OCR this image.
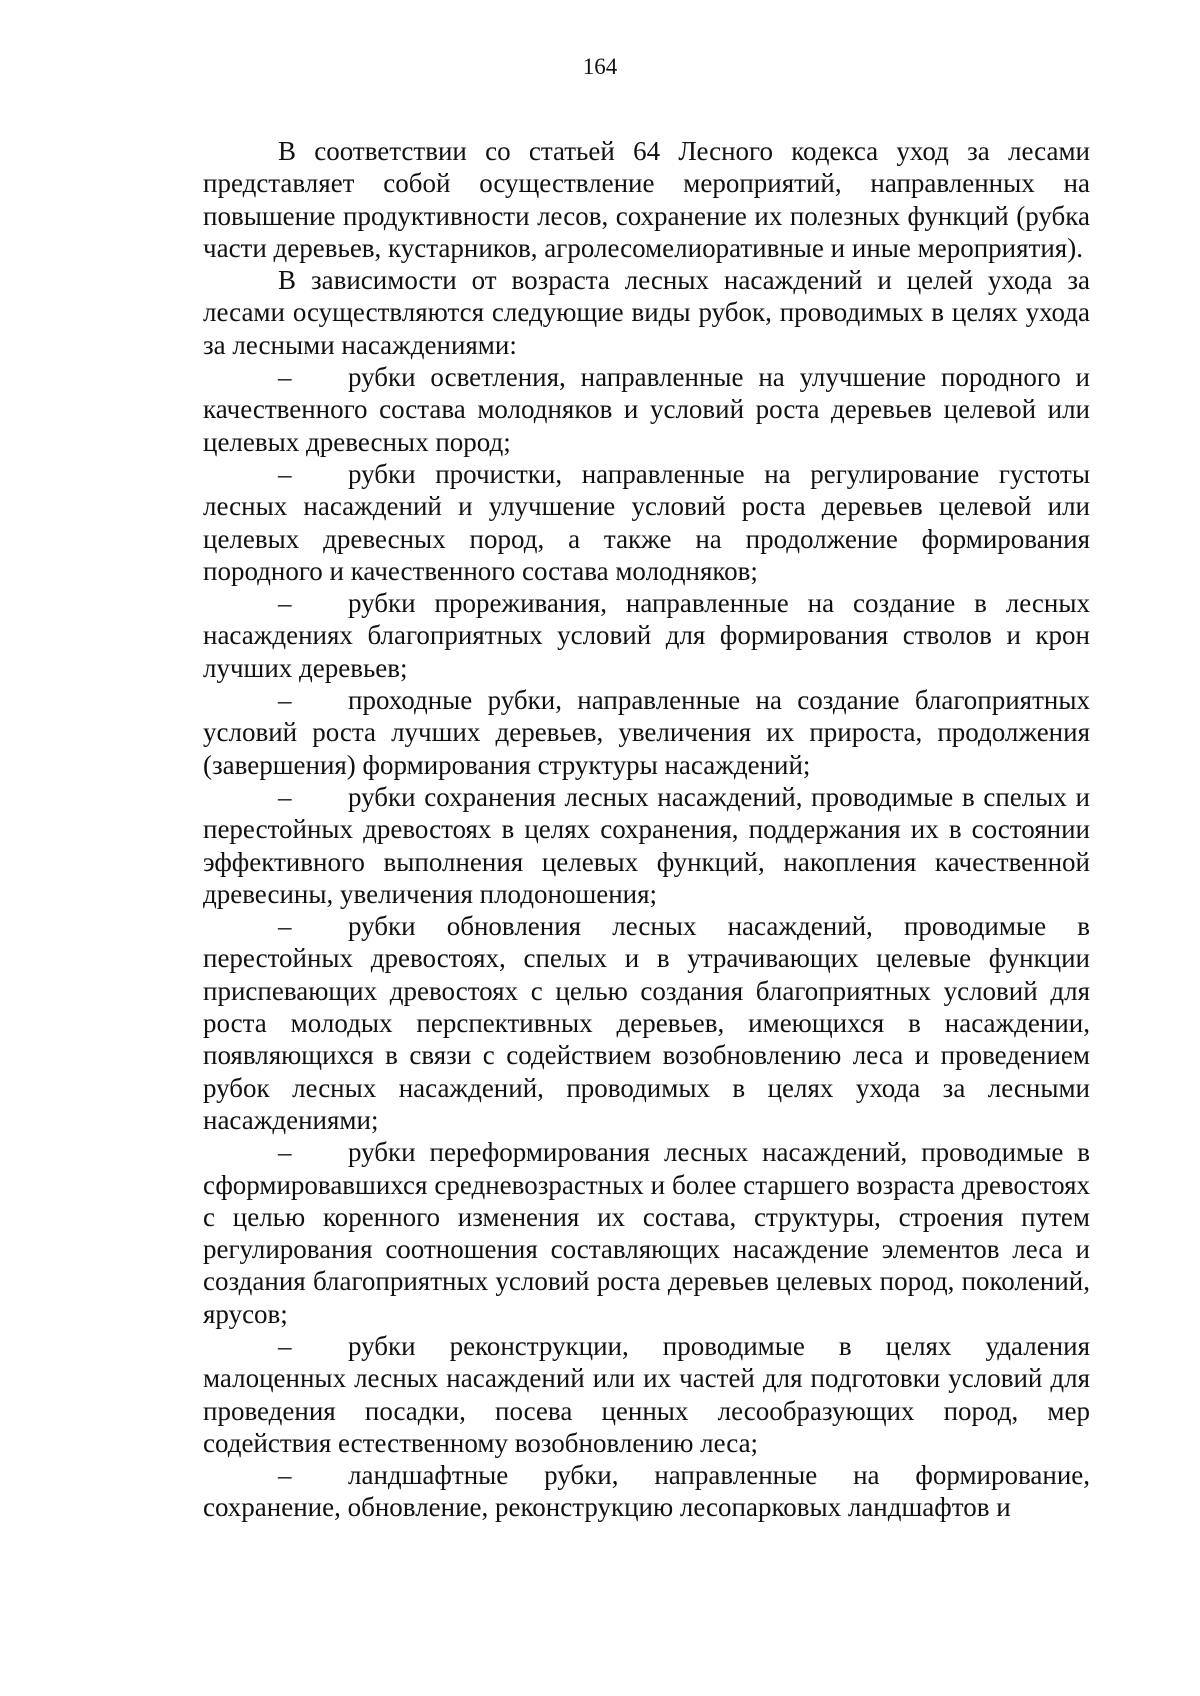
164

В соответствии со статьей 64 Лесного кодекса уход за лесами представляет собой осуществление мероприятий, направленных на повышение продуктивности лесов, сохранение их полезных функций (рубка части деревьев, кустарников, агролесомелиоративные и иные мероприятия).

В зависимости от возраста лесных насаждений и целей ухода за лесами осуществляются следующие виды рубок, проводимых в целях ухода за лесными насаждениями:

– рубки осветления, направленные на улучшение породного и качественного состава молодняков и условий роста деревьев целевой или целевых древесных пород;

– рубки прочистки, направленные на регулирование густоты лесных насаждений и улучшение условий роста деревьев целевой или целевых древесных пород, а также на продолжение формирования породного и качественного состава молодняков;

– рубки прореживания, направленные на создание в лесных насаждениях благоприятных условий для формирования стволов и крон лучших деревьев;

– проходные рубки, направленные на создание благоприятных условий роста лучших деревьев, увеличения их прироста, продолжения (завершения) формирования структуры насаждений;

– рубки сохранения лесных насаждений, проводимые в спелых и перестойных древостоях в целях сохранения, поддержания их в состоянии эффективного выполнения целевых функций, накопления качественной древесины, увеличения плодоношения;

– рубки обновления лесных насаждений, проводимые в перестойных древостоях, спелых и в утрачивающих целевые функции приспевающих древостоях с целью создания благоприятных условий для роста молодых перспективных деревьев, имеющихся в насаждении, появляющихся в связи с содействием возобновлению леса и проведением рубок лесных насаждений, проводимых в целях ухода за лесными насаждениями;

– рубки переформирования лесных насаждений, проводимые в сформировавшихся средневозрастных и более старшего возраста древостоях с целью коренного изменения их состава, структуры, строения путем регулирования соотношения составляющих насаждение элементов леса и создания благоприятных условий роста деревьев целевых пород, поколений, ярусов;

– рубки реконструкции, проводимые в целях удаления малоценных лесных насаждений или их частей для подготовки условий для проведения посадки, посева ценных лесообразующих пород, мер содействия естественному возобновлению леса;

– ландшафтные рубки, направленные на формирование, сохранение, обновление, реконструкцию лесопарковых ландшафтов и
